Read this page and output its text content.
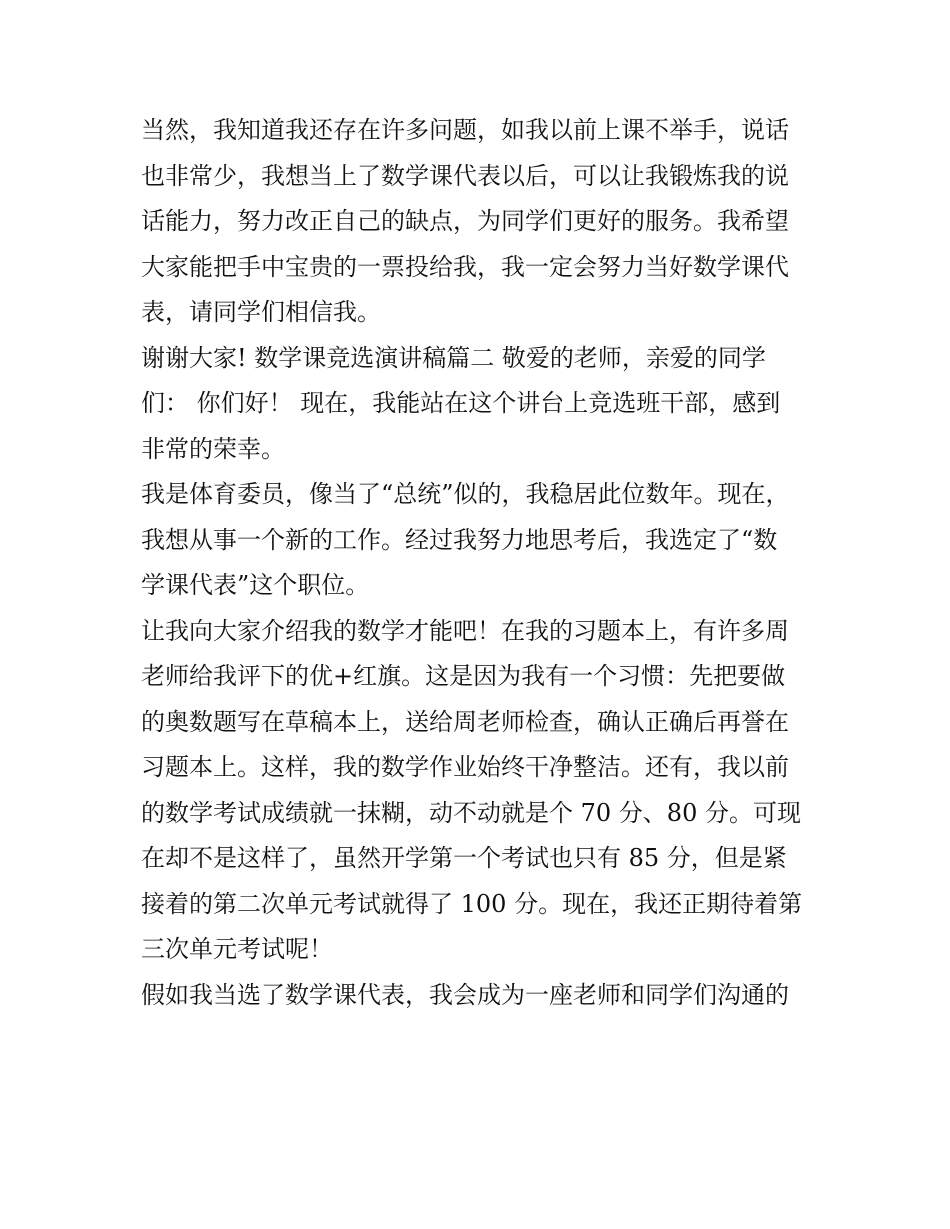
当然，我知道我还存在许多问题，如我以前上课不举手，说话
也非常少，我想当上了数学课代表以后，可以让我锻炼我的说
话能力，努力改正自己的缺点，为同学们更好的服务。我希望
大家能把手中宝贵的一票投给我，我一定会努力当好数学课代
表，请同学们相信我。
谢谢大家! 数学课竞选演讲稿篇二 敬爱的老师，亲爱的同学
们： 你们好！ 现在，我能站在这个讲台上竞选班干部，感到
非常的荣幸。
我是体育委员，像当了“总统”似的，我稳居此位数年。现在，
我想从事一个新的工作。经过我努力地思考后，我选定了“数
学课代表”这个职位。
让我向大家介绍我的数学才能吧！在我的习题本上，有许多周
老师给我评下的优+红旗。这是因为我有一个习惯：先把要做
的奥数题写在草稿本上，送给周老师检查，确认正确后再誉在
习题本上。这样，我的数学作业始终干净整洁。还有，我以前
的数学考试成绩就一抹糊，动不动就是个 70 分、80 分。可现
在却不是这样了，虽然开学第一个考试也只有 85 分，但是紧
接着的第二次单元考试就得了 100 分。现在，我还正期待着第
三次单元考试呢！
假如我当选了数学课代表，我会成为一座老师和同学们沟通的
